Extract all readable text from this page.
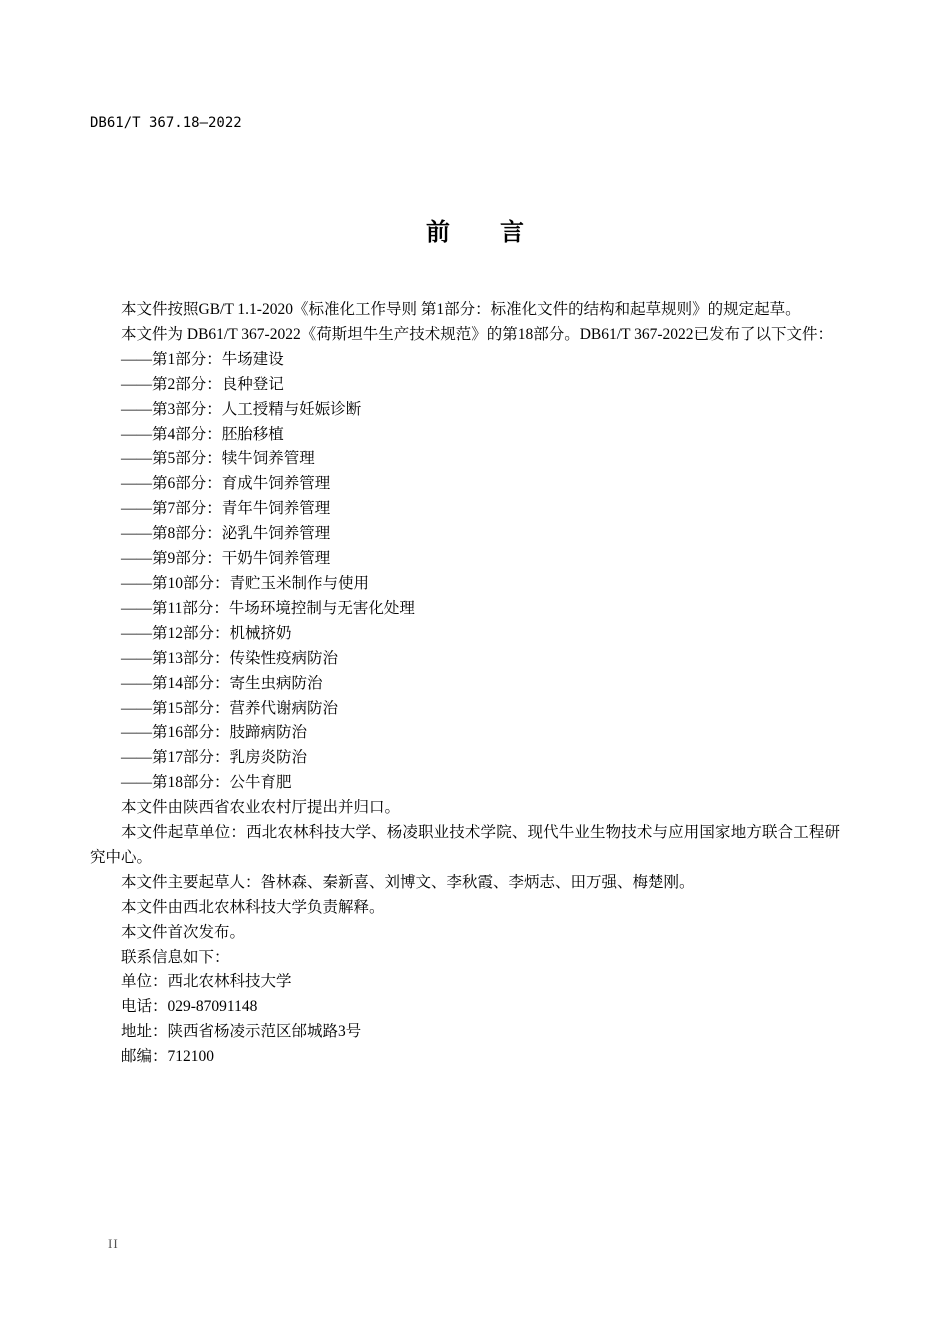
DB61/T 367.18—2022
前 言

本文件按照GB/T 1.1-2020《标准化工作导则 第1部分：标准化文件的结构和起草规则》的规定起草。

本文件为 DB61/T 367-2022《荷斯坦牛生产技术规范》的第18部分。DB61/T 367-2022已发布了以下文件：

——第1部分：牛场建设

——第2部分：良种登记

——第3部分：人工授精与妊娠诊断

——第4部分：胚胎移植

——第5部分：犊牛饲养管理

——第6部分：育成牛饲养管理

——第7部分：青年牛饲养管理

——第8部分：泌乳牛饲养管理

——第9部分：干奶牛饲养管理

——第10部分：青贮玉米制作与使用

——第11部分：牛场环境控制与无害化处理

——第12部分：机械挤奶

——第13部分：传染性疫病防治

——第14部分：寄生虫病防治

——第15部分：营养代谢病防治

——第16部分：肢蹄病防治

——第17部分：乳房炎防治

——第18部分：公牛育肥

本文件由陕西省农业农村厅提出并归口。

本文件起草单位：西北农林科技大学、杨凌职业技术学院、现代牛业生物技术与应用国家地方联合工程研究中心。

本文件主要起草人：昝林森、秦新喜、刘博文、李秋霞、李炳志、田万强、梅楚刚。

本文件由西北农林科技大学负责解释。

本文件首次发布。

联系信息如下：

单位：西北农林科技大学

电话：029-87091148

地址：陕西省杨凌示范区邰城路3号

邮编：712100

II
